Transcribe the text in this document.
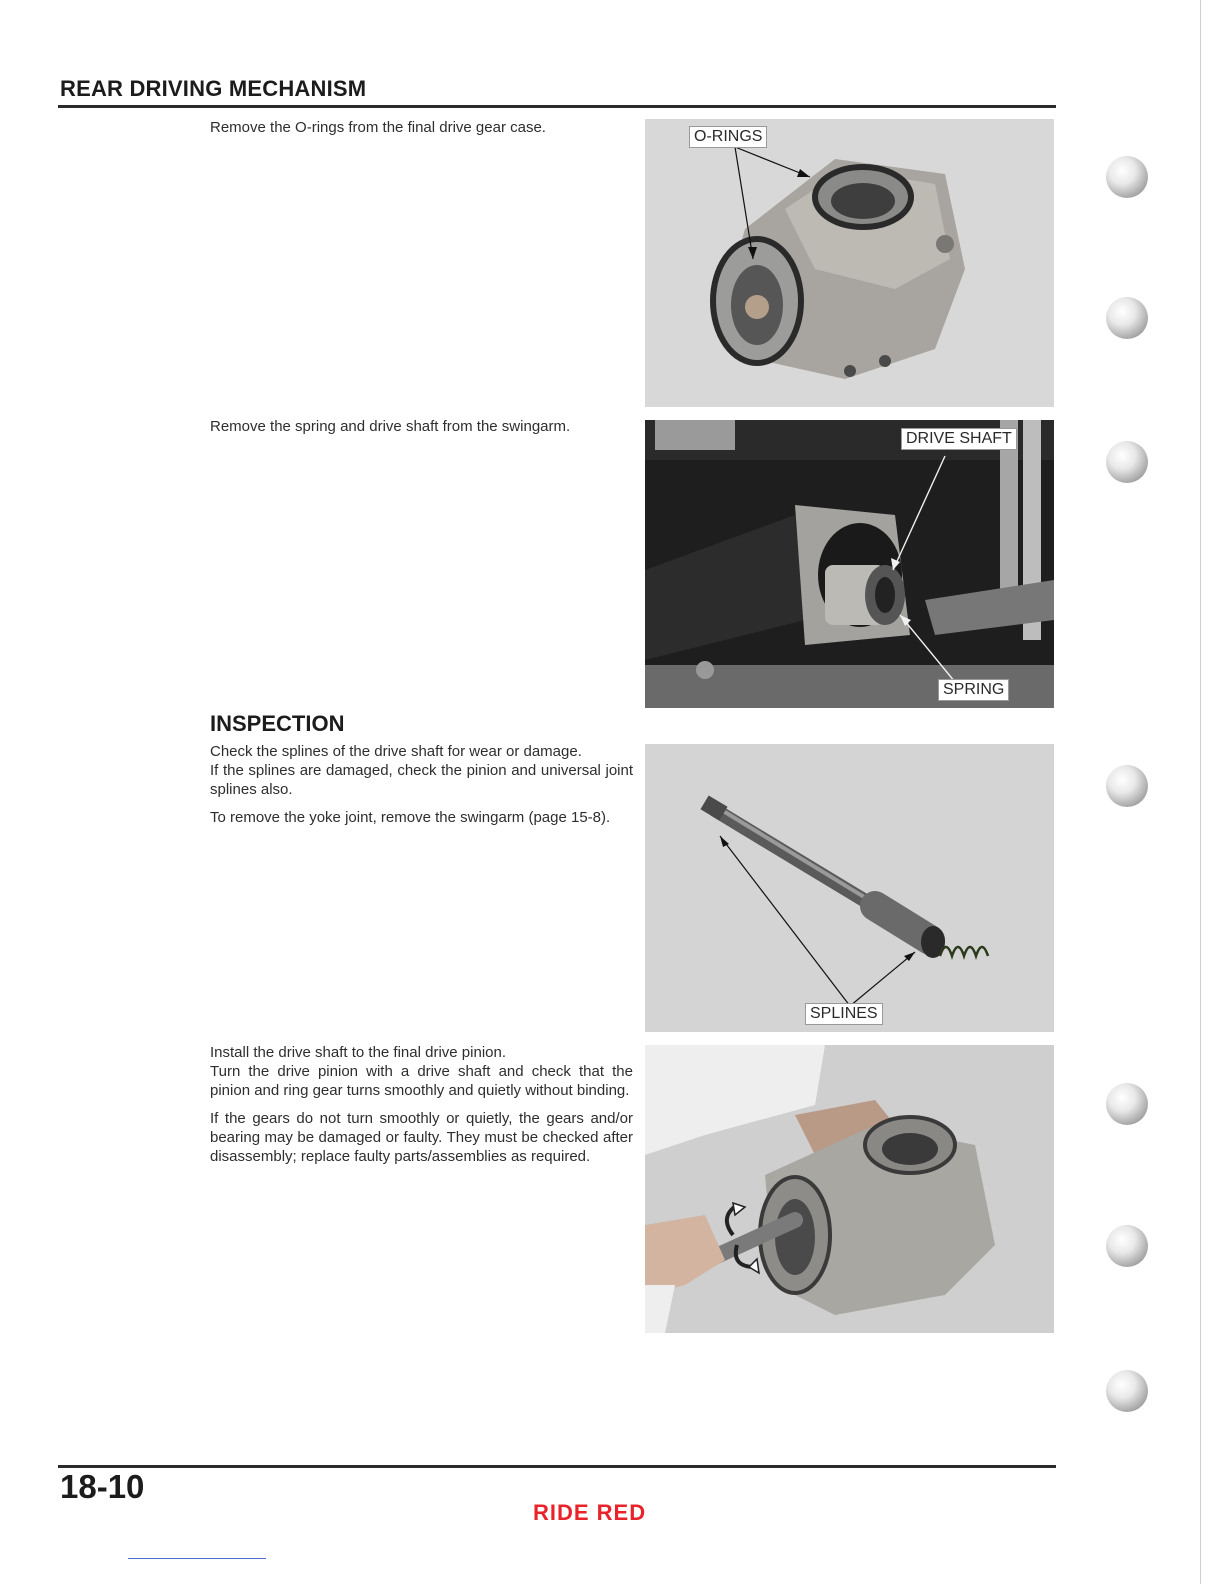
REAR DRIVING MECHANISM

Remove the O-rings from the final drive gear case.

O-RINGS

Remove the spring and drive shaft from the swingarm.

DRIVE SHAFT
SPRING
INSPECTION

Check the splines of the drive shaft for wear or damage.

If the splines are damaged, check the pinion and universal joint splines also.

To remove the yoke joint, remove the swingarm (page 15-8).

SPLINES

Install the drive shaft to the final drive pinion.

Turn the drive pinion with a drive shaft and check that the pinion and ring gear turns smoothly and quietly without binding.

If the gears do not turn smoothly or quietly, the gears and/or bearing may be damaged or faulty. They must be checked after disassembly; replace faulty parts/assemblies as required.

18-10
RIDE RED
